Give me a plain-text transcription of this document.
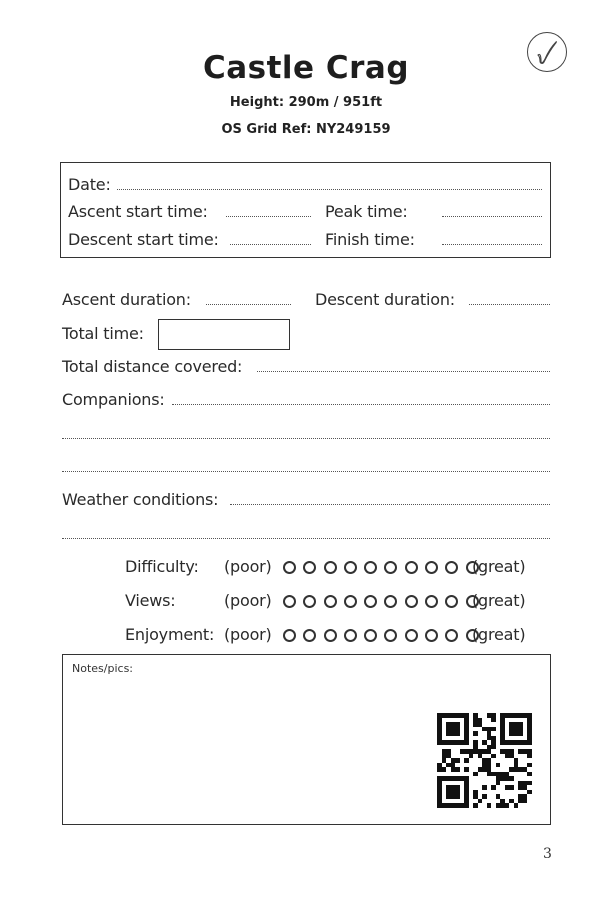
Castle Crag
Height: 290m / 951ft
OS Grid Ref: NY249159
Date:
Ascent start time:	Peak time:
Descent start time:	Finish time:
Ascent duration:	Descent duration:
Total time:
Total distance covered:
Companions:
Weather conditions:
Difficulty: (poor)	(great)
Views:	(poor)	(great)
Enjoyment: (poor)	(great)
Notes/pics:
3
